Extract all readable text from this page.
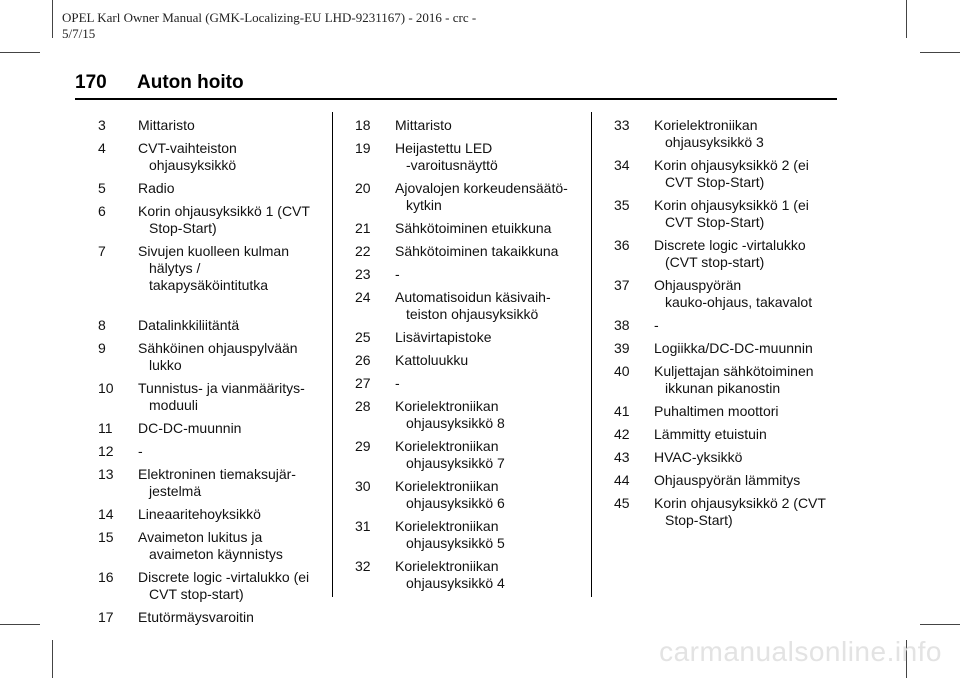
OPEL Karl Owner Manual (GMK-Localizing-EU LHD-9231167) - 2016 - crc -
5/7/15
170 Auton hoito
3	Mittaristo
4	CVT-vaihteiston
ohjausyksikkö
5	Radio
6	Korin ohjausyksikkö 1 (CVT
Stop-Start)
7	Sivujen kuolleen kulman
hälytys / takapysäköintitutka
8	Datalinkkiliitäntä
9	Sähköinen ohjauspylvään
lukko
10	Tunnistus- ja vianmääritys-
moduuli
11	DC-DC-muunnin
12	-
13	Elektroninen tiemaksujär-
jestelmä
14	Lineaaritehoyksikkö
15	Avaimeton lukitus ja
avaimeton käynnistys
16	Discrete logic -virtalukko (ei
CVT stop-start)
17	Etutörmäysvaroitin
18	Mittaristo
19	Heijastettu LED
-varoitusnäyttö
20	Ajovalojen korkeudensäätö-
kytkin
21	Sähkötoiminen etuikkuna
22	Sähkötoiminen takaikkuna
23	-
24	Automatisoidun käsivaih-
teiston ohjausyksikkö
25	Lisävirtapistoke
26	Kattoluukku
27	-
28	Korielektroniikan
ohjausyksikkö 8
29	Korielektroniikan
ohjausyksikkö 7
30	Korielektroniikan
ohjausyksikkö 6
31	Korielektroniikan
ohjausyksikkö 5
32	Korielektroniikan
ohjausyksikkö 4
33	Korielektroniikan
ohjausyksikkö 3
34	Korin ohjausyksikkö 2 (ei
CVT Stop-Start)
35	Korin ohjausyksikkö 1 (ei
CVT Stop-Start)
36	Discrete logic -virtalukko
(CVT stop-start)
37	Ohjauspyörän
kauko-ohjaus, takavalot
38	-
39	Logiikka/DC-DC-muunnin
40	Kuljettajan sähkötoiminen
ikkunan pikanostin
41	Puhaltimen moottori
42	Lämmitty etuistuin
43	HVAC-yksikkö
44	Ohjauspyörän lämmitys
45	Korin ohjausyksikkö 2 (CVT
Stop-Start)
carmanualsonline.info
